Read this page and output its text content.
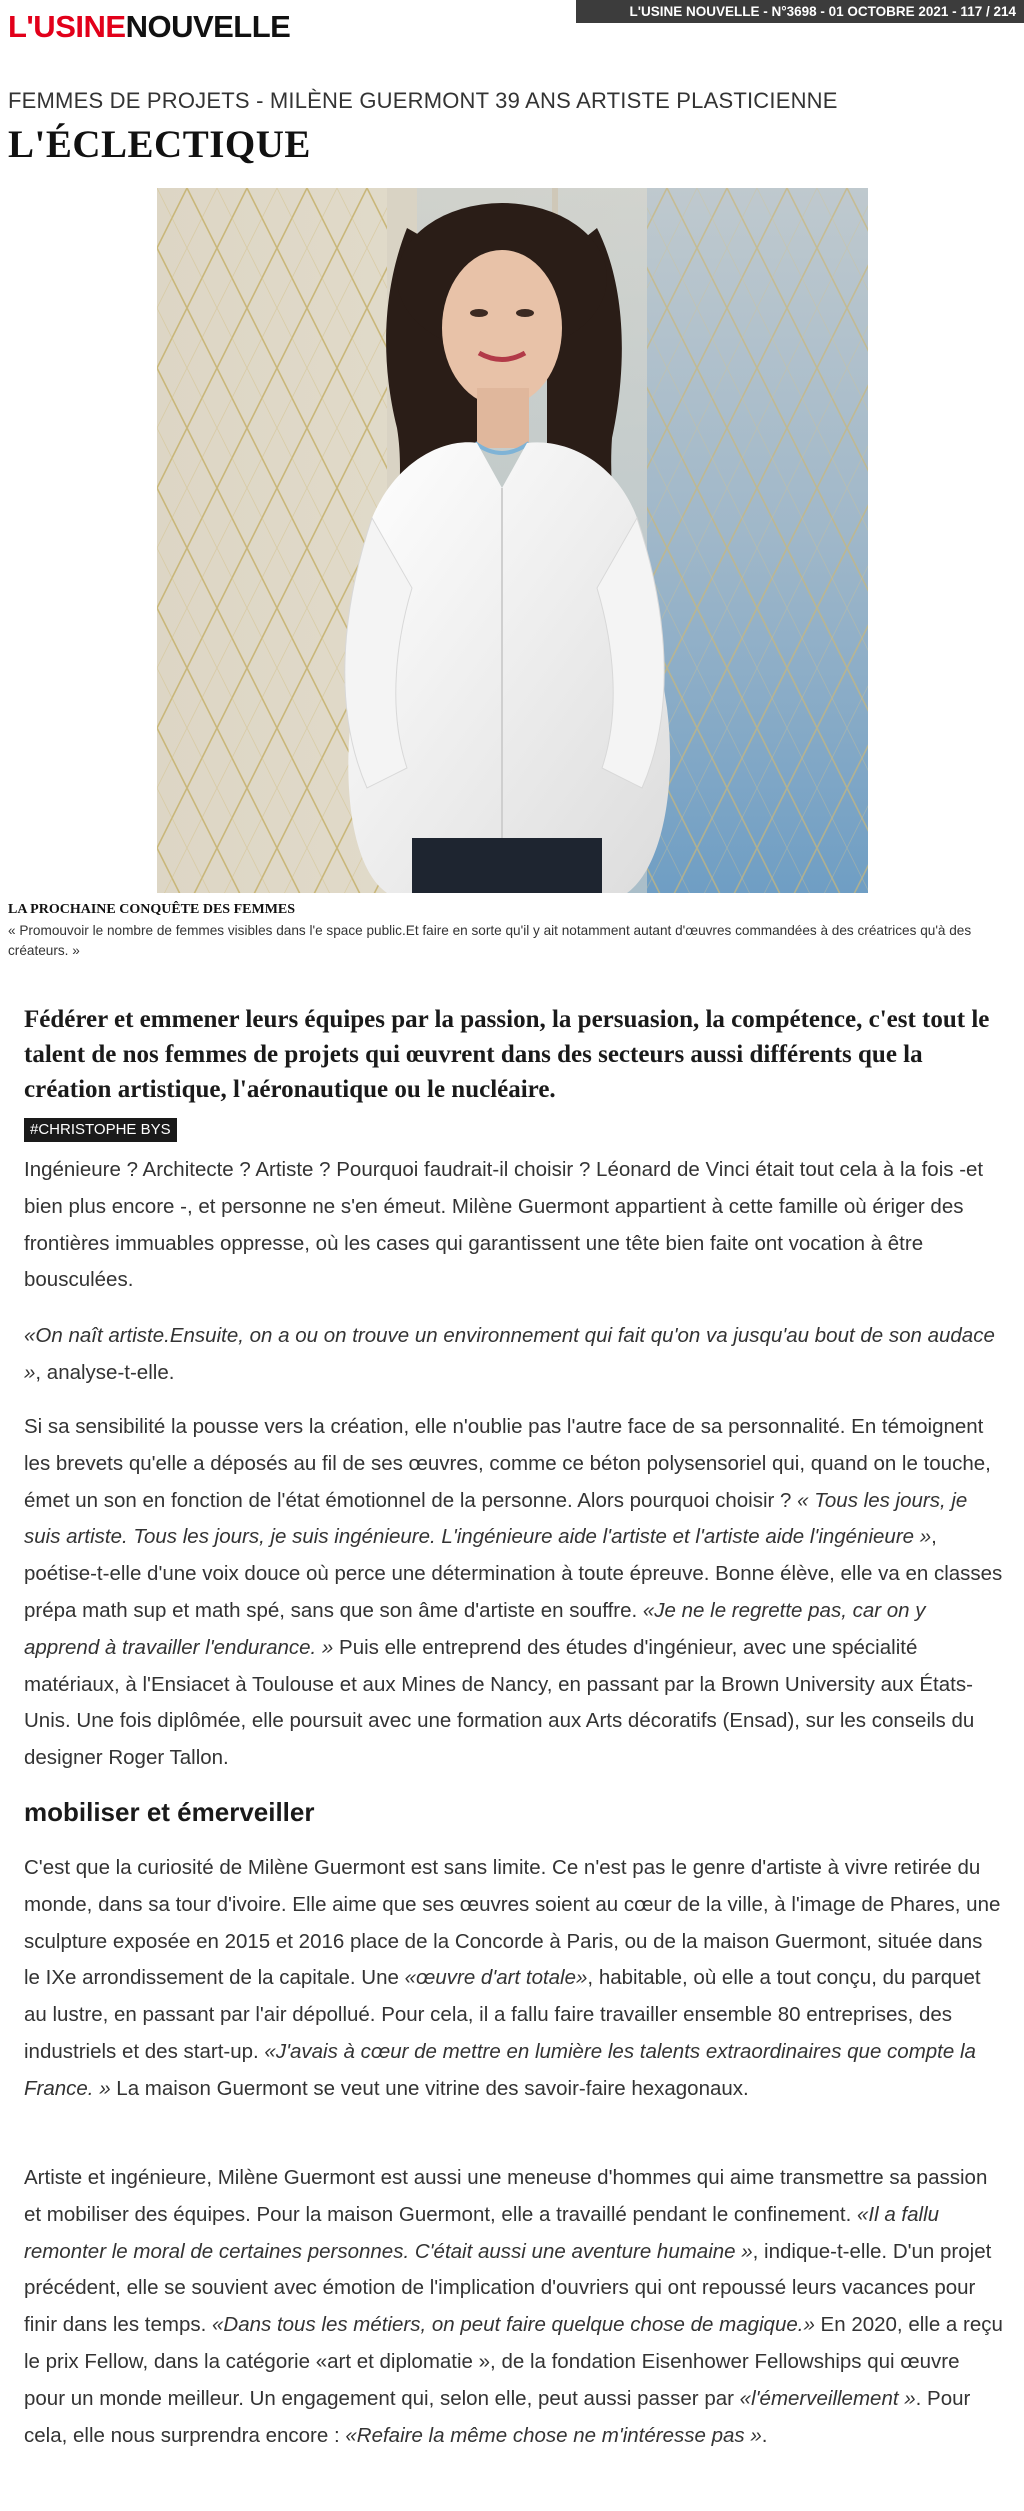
L'USINENOUVELLE	L'USINE NOUVELLE - N°3698 - 01 OCTOBRE 2021 - 117 / 214
FEMMES DE PROJETS - MILÈNE GUERMONT 39 ANS ARTISTE PLASTICIENNE
L'ÉCLECTIQUE
LA PROCHAINE CONQUÊTE DES FEMMES
« Promouvoir le nombre de femmes visibles dans l'e space public.Et faire en sorte qu'il y ait notamment autant d'œuvres commandées à des créatrices qu'à des créateurs. »
Fédérer et emmener leurs équipes par la passion, la persuasion, la compétence, c'est tout le talent de nos femmes de projets qui œuvrent dans des secteurs aussi différents que la création artistique, l'aéronautique ou le nucléaire.
#CHRISTOPHE BYS

Ingénieure ? Architecte ? Artiste ? Pourquoi faudrait-il choisir ? Léonard de Vinci était tout cela à la fois -et bien plus encore -, et personne ne s'en émeut. Milène Guermont appartient à cette famille où ériger des frontières immuables oppresse, où les cases qui garantissent une tête bien faite ont vocation à être bousculées.

«On naît artiste.Ensuite, on a ou on trouve un environnement qui fait qu'on va jusqu'au bout de son audace », analyse-t-elle.

Si sa sensibilité la pousse vers la création, elle n'oublie pas l'autre face de sa personnalité. En témoignent les brevets qu'elle a déposés au fil de ses œuvres, comme ce béton polysensoriel qui, quand on le touche, émet un son en fonction de l'état émotionnel de la personne. Alors pourquoi choisir ? « Tous les jours, je suis artiste. Tous les jours, je suis ingénieure. L'ingénieure aide l'artiste et l'artiste aide l'ingénieure », poétise-t-elle d'une voix douce où perce une détermination à toute épreuve. Bonne élève, elle va en classes prépa math sup et math spé, sans que son âme d'artiste en souffre. «Je ne le regrette pas, car on y apprend à travailler l'endurance. » Puis elle entreprend des études d'ingénieur, avec une spécialité matériaux, à l'Ensiacet à Toulouse et aux Mines de Nancy, en passant par la Brown University aux États-Unis. Une fois diplômée, elle poursuit avec une formation aux Arts décoratifs (Ensad), sur les conseils du designer Roger Tallon.

mobiliser et émerveiller

C'est que la curiosité de Milène Guermont est sans limite. Ce n'est pas le genre d'artiste à vivre retirée du monde, dans sa tour d'ivoire. Elle aime que ses œuvres soient au cœur de la ville, à l'image de Phares, une sculpture exposée en 2015 et 2016 place de la Concorde à Paris, ou de la maison Guermont, située dans le IXe arrondissement de la capitale. Une «œuvre d'art totale», habitable, où elle a tout conçu, du parquet au lustre, en passant par l'air dépollué. Pour cela, il a fallu faire travailler ensemble 80 entreprises, des industriels et des start-up. «J'avais à cœur de mettre en lumière les talents extraordinaires que compte la France. » La maison Guermont se veut une vitrine des savoir-faire hexagonaux.

Artiste et ingénieure, Milène Guermont est aussi une meneuse d'hommes qui aime transmettre sa passion et mobiliser des équipes. Pour la maison Guermont, elle a travaillé pendant le confinement. «Il a fallu remonter le moral de certaines personnes. C'était aussi une aventure humaine », indique-t-elle. D'un projet précédent, elle se souvient avec émotion de l'implication d'ouvriers qui ont repoussé leurs vacances pour finir dans les temps. «Dans tous les métiers, on peut faire quelque chose de magique.» En 2020, elle a reçu le prix Fellow, dans la catégorie «art et diplomatie », de la fondation Eisenhower Fellowships qui œuvre pour un monde meilleur. Un engagement qui, selon elle, peut aussi passer par «l'émerveillement ». Pour cela, elle nous surprendra encore : «Refaire la même chose ne m'intéresse pas ».
